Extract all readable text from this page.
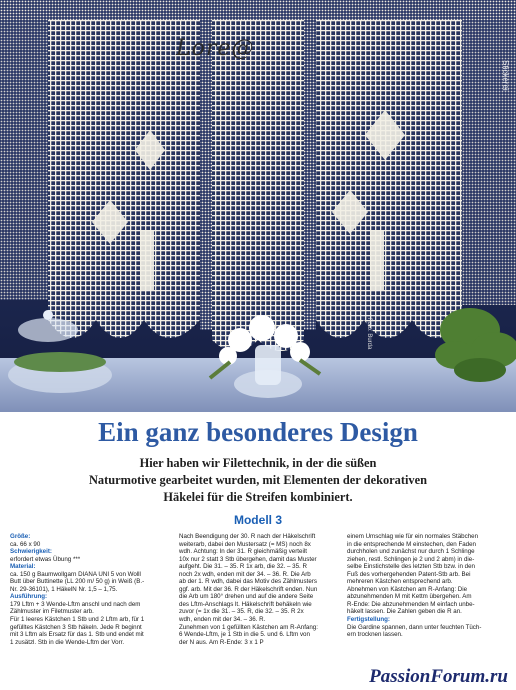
Lore@
Stickerei
Foto: Burda
Ein ganz besonderes Design
Hier haben wir Filettechnik, in der die süßen
Naturmotive gearbeitet wurden, mit Elementen der dekorativen
Häkelei für die Streifen kombiniert.
Modell 3

Größe:

ca. 66 x 90

Schwierigkeit:

erfordert etwas Übung ***

Material:

ca. 150 g Baumwollgarn DIANA UNI 5 von Wolll

Butt über Buttinette (LL 200 m/ 50 g) in Weiß (B.-

Nr. 29-36101), 1 HäkelN Nr. 1,5 – 1,75.

Ausführung:

179 Lftm + 3 Wende-Lftm anschl und nach dem

Zählmuster im Filetmuster arb.

Für 1 leeres Kästchen 1 Stb und 2 Lftm arb, für 1

gefülltes Kästchen 3 Stb häkeln. Jede R beginnt

mit 3 Lftm als Ersatz für das 1. Stb und endet mit

1 zusätzl. Stb in die Wende-Lftm der Vorr.

Nach Beendigung der 30. R nach der Häkelschrift

weiterarb, dabei den Mustersatz (= MS) noch 8x

wdh. Achtung: In der 31. R gleichmäßig verteilt

10x nur 2 statt 3 Stb übergehen, damit das Muster

aufgeht. Die 31. – 35. R 1x arb, die 32. – 35. R

noch 2x wdh, enden mit der 34. – 36. R. Die Arb

ab der 1. R wdh, dabei das Motiv des Zählmusters

ggf. arb. Mit der 36. R der Häkelschrift enden. Nun

die Arb um 180° drehen und auf die andere Seite

des Lftm-Anschlags lt. Häkelschrift behäkeln wie

zuvor (= 1x die 31. – 35. R, die 32. – 35. R 2x

wdh, enden mit der 34. – 36. R.

Zunehmen von 1 gefüllten Kästchen am R-Anfang:

6 Wende-Lftm, je 1 Stb in die 5. und 6. Lftm von

der N aus. Am R-Ende: 3 x 1 P

einem Umschlag wie für ein normales Stäbchen

in die entsprechende M einstechen, den Faden

durchholen und zunächst nur durch 1 Schlinge

ziehen, restl. Schlingen je 2 und 2 abm) in die-

selbe Einstichstelle des letzten Stb bzw. in den

Fuß des vorhergehenden Patent-Stb arb. Bei

mehreren Kästchen entsprechend arb.

Abnehmen von Kästchen am R-Anfang: Die

abzunehmenden M mit Kettm übergehen. Am

R-Ende: Die abzunehmenden M einfach unbe-

häkelt lassen. Die Zahlen geben die R an.

Fertigstellung:

Die Gardine spannen, dann unter feuchten Tüch-

ern trocknen lassen.

PassionForum.ru
